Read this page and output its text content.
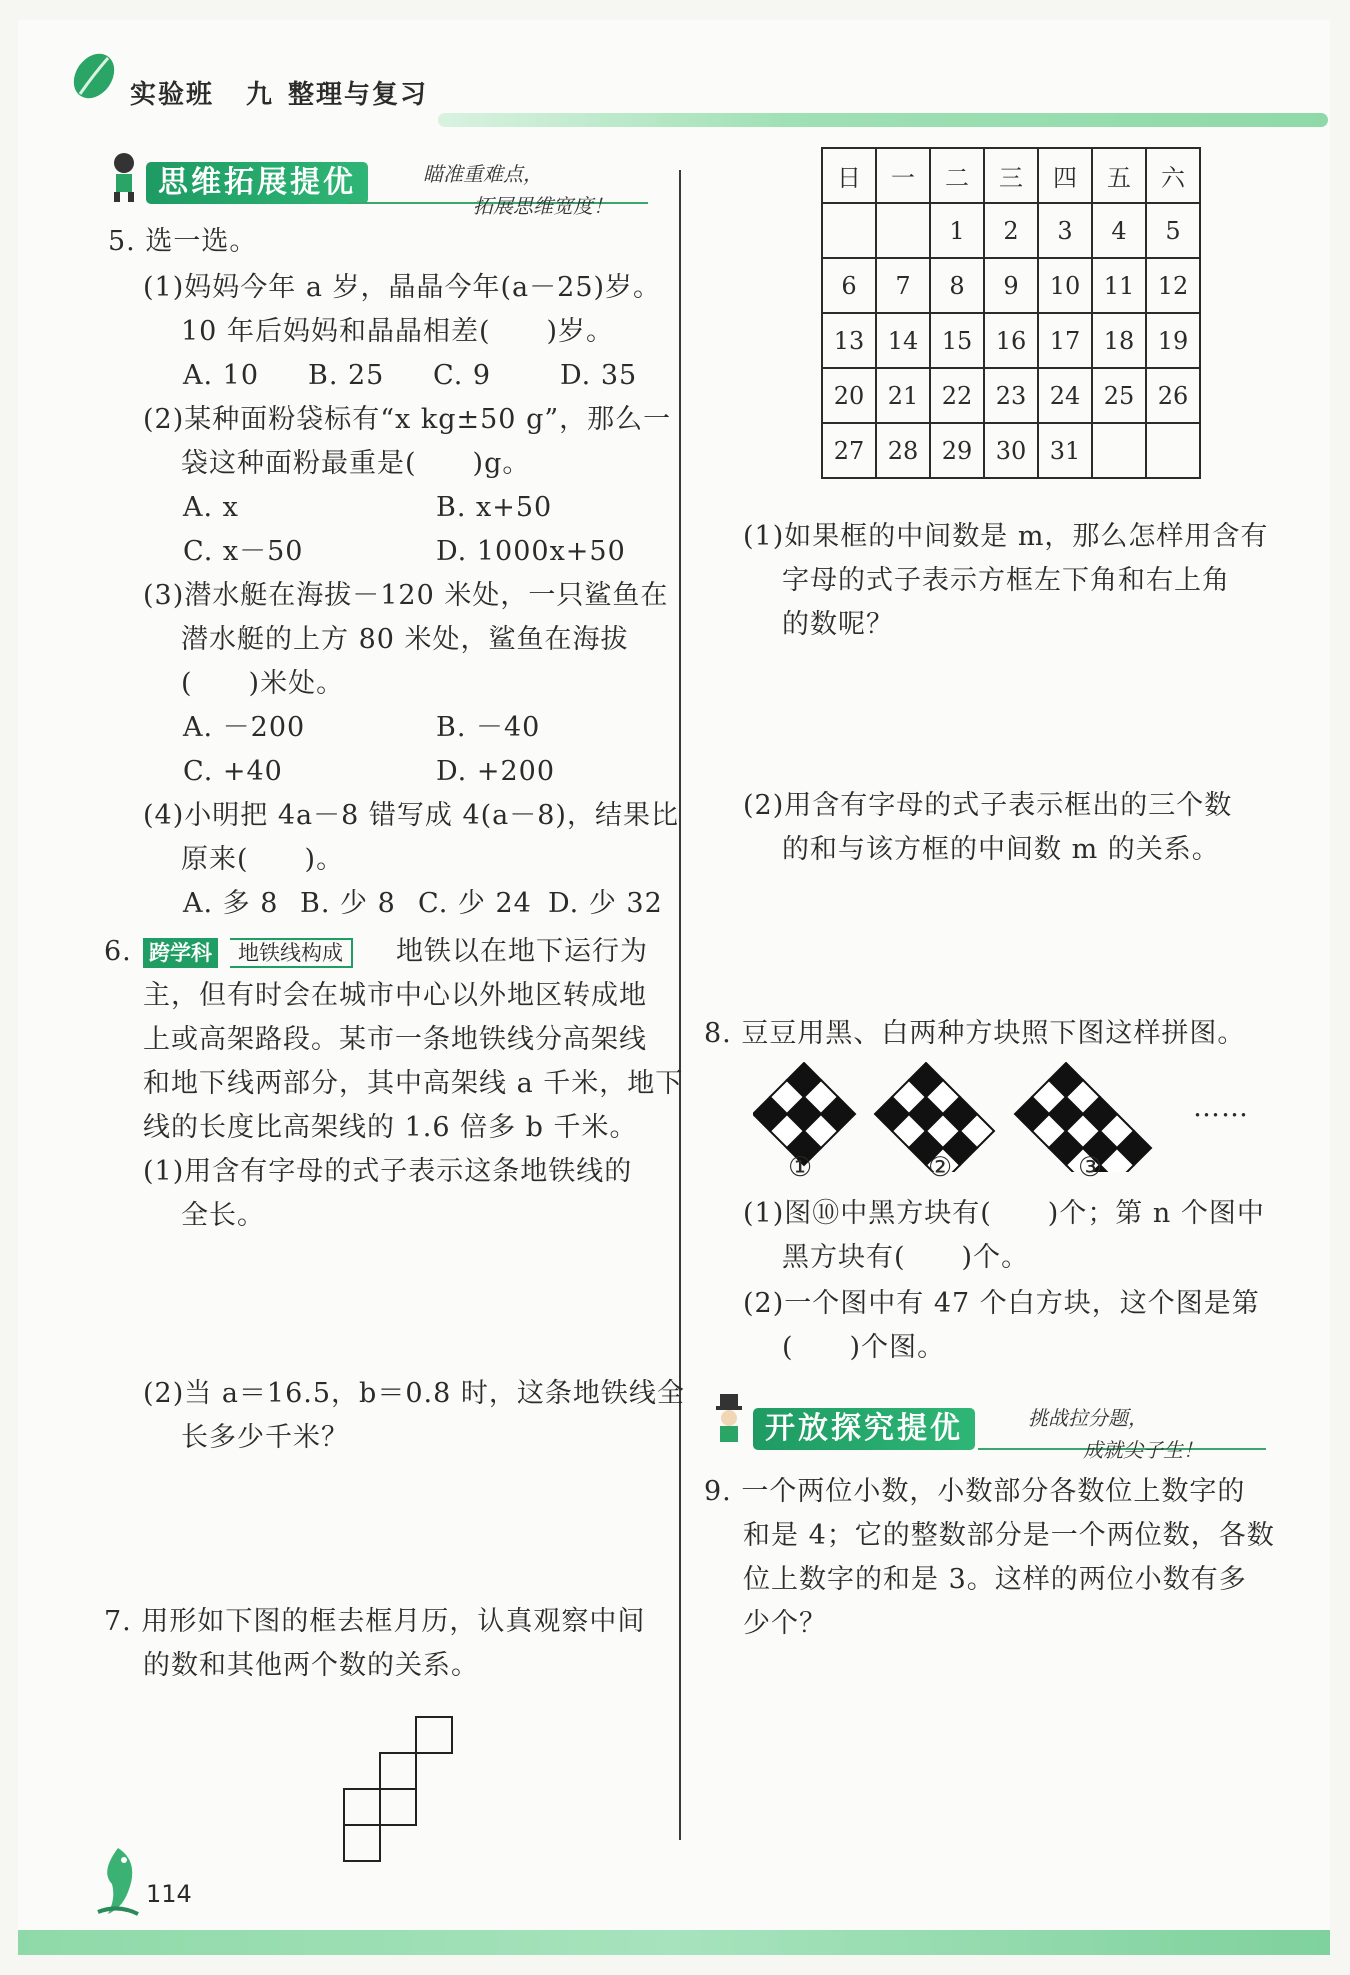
实验班 九 整理与复习
思维拓展提优	瞄准重难点，
拓展思维宽度！
5. 选一选。
(1)妈妈今年 a 岁，晶晶今年(a－25)岁。
10 年后妈妈和晶晶相差(　　)岁。
A. 10 B. 25 C. 9	D. 35
(2)某种面粉袋标有“x kg±50 g”，那么一
袋这种面粉最重是(　　)g。
A. x	B. x+50
C. x－50	D. 1000x+50
(3)潜水艇在海拔－120 米处，一只鲨鱼在
潜水艇的上方 80 米处，鲨鱼在海拔
(　　)米处。
A. －200	B. －40
C. +40	D. +200
(4)小明把 4a－8 错写成 4(a－8)，结果比
原来(　　)。
A. 多 8 B. 少 8 C. 少 24 D. 少 32
6. 跨学科	地铁线构成	地铁以在地下运行为
主，但有时会在城市中心以外地区转成地
上或高架路段。某市一条地铁线分高架线
和地下线两部分，其中高架线 a 千米，地下
线的长度比高架线的 1.6 倍多 b 千米。
(1)用含有字母的式子表示这条地铁线的
全长。
(2)当 a＝16.5，b＝0.8 时，这条地铁线全
长多少千米？
7. 用形如下图的框去框月历，认真观察中间
的数和其他两个数的关系。
114
日	一	二	三	四	五	六
		1	2	3	4	5
6	7	8	9	10	11	12
13	14	15	16	17	18	19
20	21	22	23	24	25	26
27	28	29	30	31		
(1)如果框的中间数是 m，那么怎样用含有
字母的式子表示方框左下角和右上角
的数呢？
(2)用含有字母的式子表示框出的三个数
的和与该方框的中间数 m 的关系。
8. 豆豆用黑、白两种方块照下图这样拼图。
……
①	②	③
(1)图⑩中黑方块有(　　)个；第 n 个图中
黑方块有(　　)个。
(2)一个图中有 47 个白方块，这个图是第
(　　)个图。
开放探究提优	挑战拉分题，
成就尖子生！
9. 一个两位小数，小数部分各数位上数字的
和是 4；它的整数部分是一个两位数，各数
位上数字的和是 3。这样的两位小数有多
少个？
